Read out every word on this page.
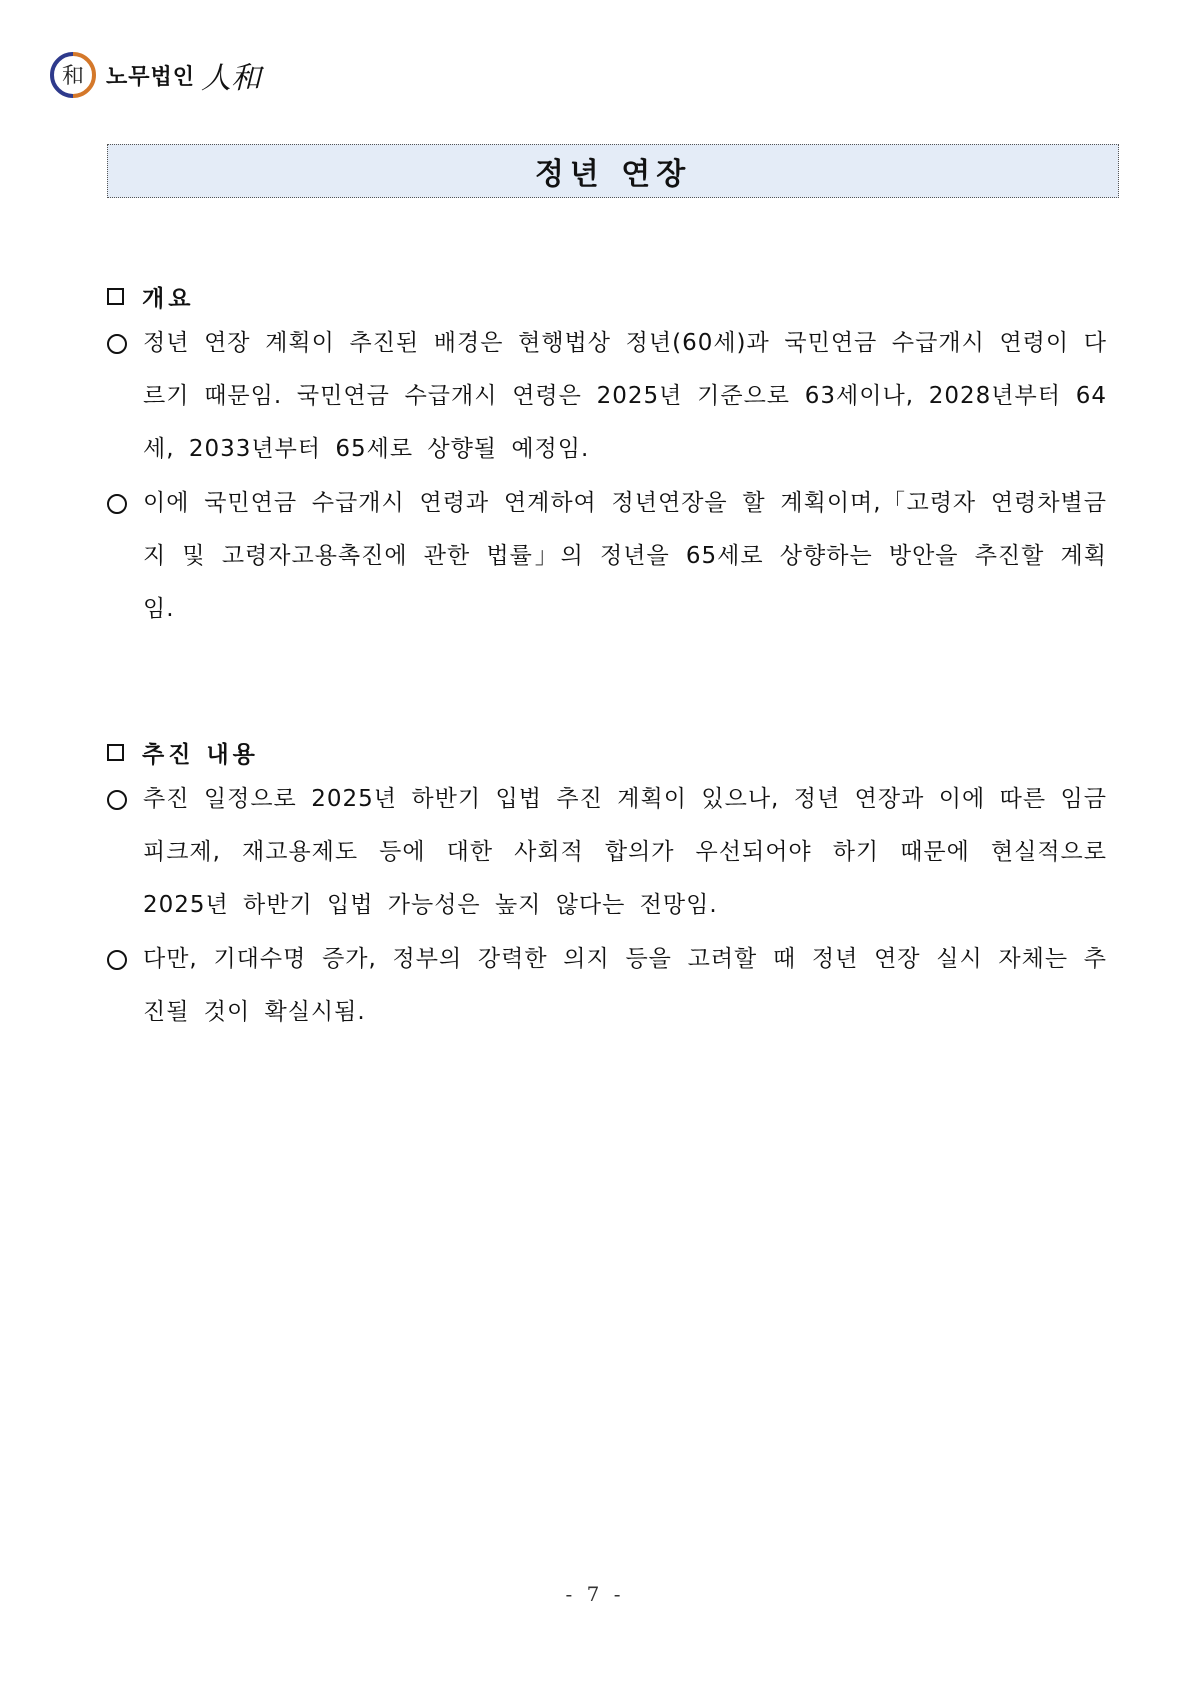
和 노무법인 人和
정년 연장
개요
정년 연장 계획이 추진된 배경은 현행법상 정년(60세)과 국민연금 수급개시 연령이 다르기 때문임. 국민연금 수급개시 연령은 2025년 기준으로 63세이나, 2028년부터 64세, 2033년부터 65세로 상향될 예정임.
이에 국민연금 수급개시 연령과 연계하여 정년연장을 할 계획이며,「고령자 연령차별금지 및 고령자고용촉진에 관한 법률」의 정년을 65세로 상향하는 방안을 추진할 계획임.
추진 내용
추진 일정으로 2025년 하반기 입법 추진 계획이 있으나, 정년 연장과 이에 따른 임금피크제, 재고용제도 등에 대한 사회적 합의가 우선되어야 하기 때문에 현실적으로 2025년 하반기 입법 가능성은 높지 않다는 전망임.
다만, 기대수명 증가, 정부의 강력한 의지 등을 고려할 때 정년 연장 실시 자체는 추진될 것이 확실시됨.
- 7 -
